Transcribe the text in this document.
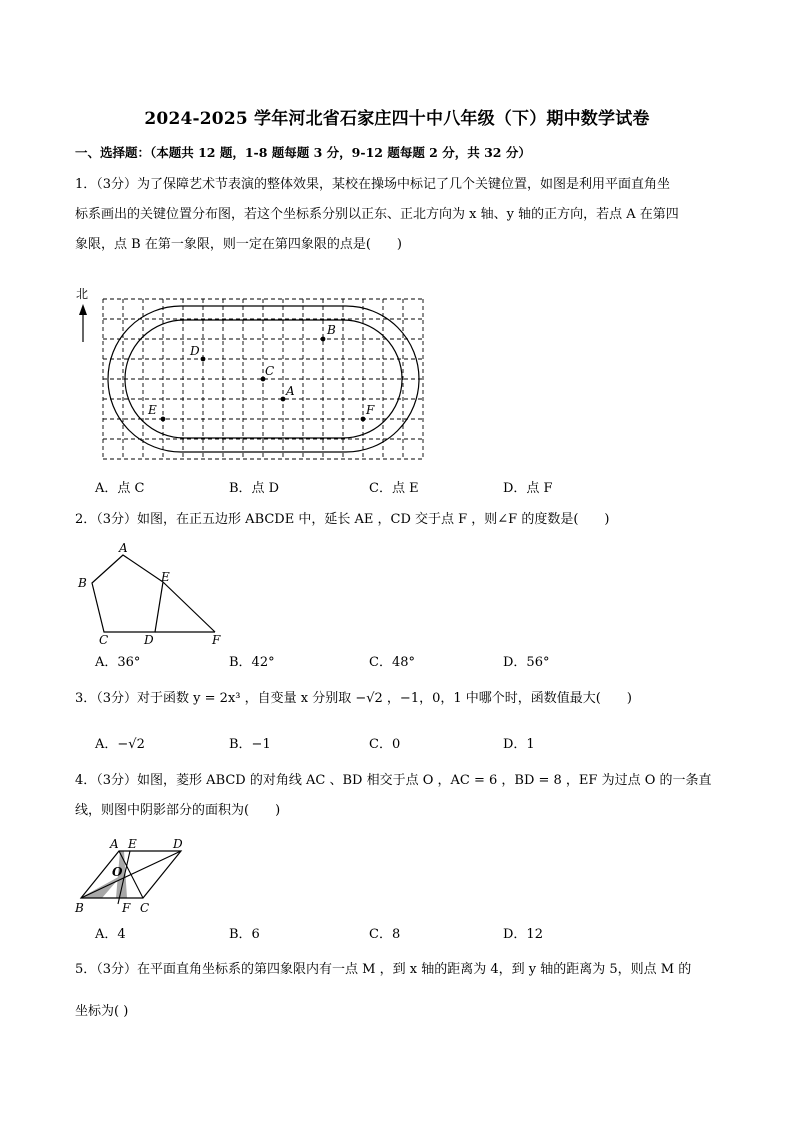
2024-2025 学年河北省石家庄四十中八年级（下）期中数学试卷
一、选择题：（本题共 12 题，1-8 题每题 3 分，9-12 题每题 2 分，共 32 分）
1．（3分）为了保障艺术节表演的整体效果，某校在操场中标记了几个关键位置，如图是利用平面直角坐
标系画出的关键位置分布图，若这个坐标系分别以正东、正北方向为 x 轴、y 轴的正方向，若点 A 在第四
象限，点 B 在第一象限，则一定在第四象限的点是(　　)
北
B
D
C
A
E	F
A．点 C	B．点 D	C．点 E	D．点 F
2．（3分）如图，在正五边形 ABCDE 中，延长 AE ，CD 交于点 F ，则∠F 的度数是(　　)
A
B	E
C	D	F
A．36°	B．42°	C．48°	D．56°
3．（3分）对于函数 y = 2x³ ，自变量 x 分别取 −√2 ，−1，0，1 中哪个时，函数值最大(　　)
A．−√2	B．−1	C．0	D．1
4．（3分）如图，菱形 ABCD 的对角线 AC 、BD 相交于点 O ，AC = 6 ，BD = 8 ，EF 为过点 O 的一条直
线，则图中阴影部分的面积为(　　)
A E	D
O
B	F C
A．4	B．6	C．8	D．12
5．（3分）在平面直角坐标系的第四象限内有一点 M ，到 x 轴的距离为 4，到 y 轴的距离为 5，则点 M 的
坐标为( )
